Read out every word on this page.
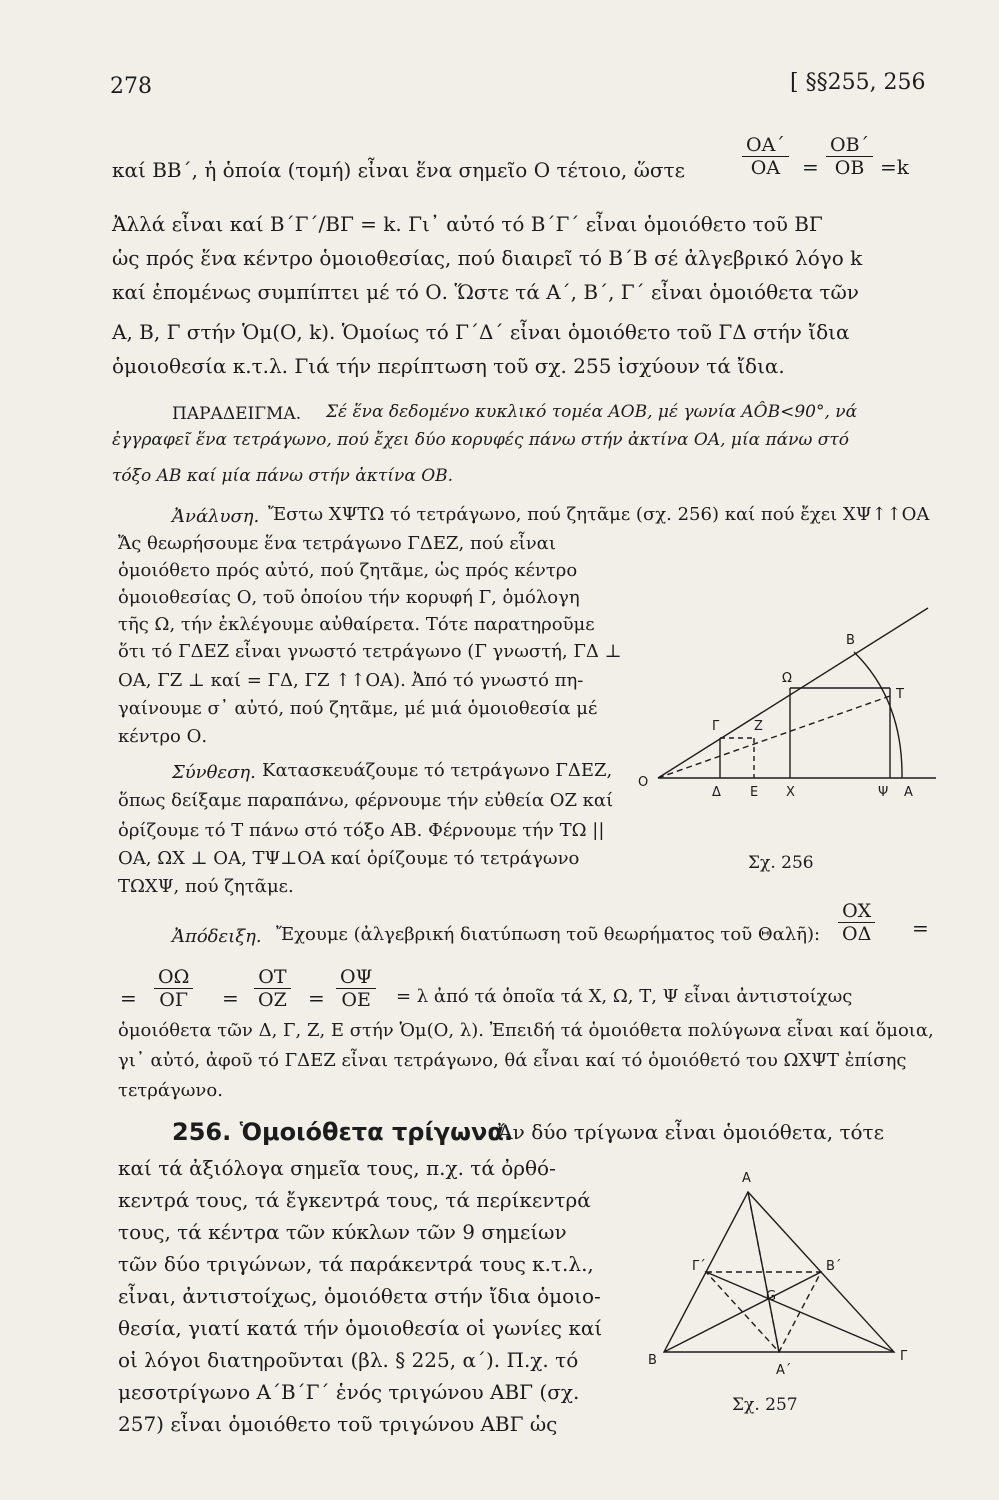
278	[ §§255, 256
καί ΒΒ΄, ἡ ὁποία (τομή) εἶναι ἕνα σημεῖο Ο τέτοιο, ὥστε	$\frac{OA΄}{OA} = \frac{OB΄}{OB} =k$
Ἀλλά εἶναι καί Β΄Γ΄/ΒΓ = k. Γι᾽ αὐτό τό Β΄Γ΄ εἶναι ὁμοιόθετο τοῦ ΒΓ
ὡς πρός ἕνα κέντρο ὁμοιοθεσίας, πού διαιρεῖ τό Β΄Β σέ ἀλγεβρικό λόγο k
καί ἑπομένως συμπίπτει μέ τό Ο. Ὥστε τά Α΄, Β΄, Γ΄ εἶναι ὁμοιόθετα τῶν
Α, Β, Γ στήν Ὁμ(Ο, k). Ὁμοίως τό Γ΄Δ΄ εἶναι ὁμοιόθετο τοῦ ΓΔ στήν ἴδια
ὁμοιοθεσία κ.τ.λ. Γιά τήν περίπτωση τοῦ σχ. 255 ἰσχύουν τά ἴδια.
ΠΑΡΑΔΕΙΓΜΑ. Σέ ἕνα δεδομένο κυκλικό τομέα ΑΟΒ, μέ γωνία ΑÔΒ<90°, νά
ἐγγραφεῖ ἕνα τετράγωνο, πού ἔχει δύο κορυφές πάνω στήν ἀκτίνα ΟΑ, μία πάνω στό
τόξο ΑΒ καί μία πάνω στήν ἀκτίνα ΟΒ.
Ἀνάλυση. Ἔστω ΧΨΤΩ τό τετράγωνο, πού ζητᾶμε (σχ. 256) καί πού ἔχει ΧΨ↑↑ΟΑ
Ἄς θεωρήσουμε ἕνα τετράγωνο ΓΔΕΖ, πού εἶναι
ὁμοιόθετο πρός αὐτό, πού ζητᾶμε, ὡς πρός κέντρο
ὁμοιοθεσίας Ο, τοῦ ὁποίου τήν κορυφή Γ, ὁμόλογη
τῆς Ω, τήν ἐκλέγουμε αὐθαίρετα. Τότε παρατηροῦμε
ὅτι τό ΓΔΕΖ εἶναι γνωστό τετράγωνο (Γ γνωστή, ΓΔ ⊥
ΟΑ, ΓΖ ⊥ καί = ΓΔ, ΓΖ ↑↑ΟΑ). Ἀπό τό γνωστό πη-
γαίνουμε σ᾽ αὐτό, πού ζητᾶμε, μέ μιά ὁμοιοθεσία μέ
κέντρο Ο.
Σύνθεση. Κατασκευάζουμε τό τετράγωνο ΓΔΕΖ,
ὅπως δείξαμε παραπάνω, φέρνουμε τήν εὐθεία ΟΖ καί
ὁρίζουμε τό Τ πάνω στό τόξο ΑΒ. Φέρνουμε τήν ΤΩ ||
ΟΑ, ΩΧ ⊥ ΟΑ, ΤΨ⊥ΟΑ καί ὁρίζουμε τό τετράγωνο
ΤΩΧΨ, πού ζητᾶμε.
Ο
Α
Β
Γ	Ζ
Τ
Ω
Δ Ε Χ	Ψ
Σχ. 256
Ἀπόδειξη. Ἔχουμε (ἀλγεβρική διατύπωση τοῦ θεωρήματος τοῦ Θαλῆ): $\frac{OX}{O\Delta}$ =
= $\frac{O\Omega}{O\Gamma} = \frac{OT}{OZ} = \frac{O\Psi}{OE} = \lambda$ ἀπό τά ὁποῖα τά Χ, Ω, Τ, Ψ εἶναι ἀντιστοίχως
ὁμοιόθετα τῶν Δ, Γ, Ζ, Ε στήν Ὁμ(Ο, λ). Ἐπειδή τά ὁμοιόθετα πολύγωνα εἶναι καί ὅμοια,
γι᾽ αὐτό, ἀφοῦ τό ΓΔΕΖ εἶναι τετράγωνο, θά εἶναι καί τό ὁμοιόθετό του ΩΧΨΤ ἐπίσης
τετράγωνο.
256. Ὁμοιόθετα τρίγωνα.
Ἄν δύο τρίγωνα εἶναι ὁμοιόθετα, τότε
καί τά ἀξιόλογα σημεῖα τους, π.χ. τά ὀρθό-
κεντρά τους, τά ἔγκεντρά τους, τά περίκεντρά
τους, τά κέντρα τῶν κύκλων τῶν 9 σημείων
τῶν δύο τριγώνων, τά παράκεντρά τους κ.τ.λ.,
εἶναι, ἀντιστοίχως, ὁμοιόθετα στήν ἴδια ὁμοιο-
θεσία, γιατί κατά τήν ὁμοιοθεσία οἱ γωνίες καί
οἱ λόγοι διατηροῦνται (βλ. § 225, α΄). Π.χ. τό
μεσοτρίγωνο Α΄Β΄Γ΄ ἑνός τριγώνου ΑΒΓ (σχ.
257) εἶναι ὁμοιόθετο τοῦ τριγώνου ΑΒΓ ὡς
Α
Β	Γ
Α΄
Β΄
Γ΄
G
Σχ. 257
